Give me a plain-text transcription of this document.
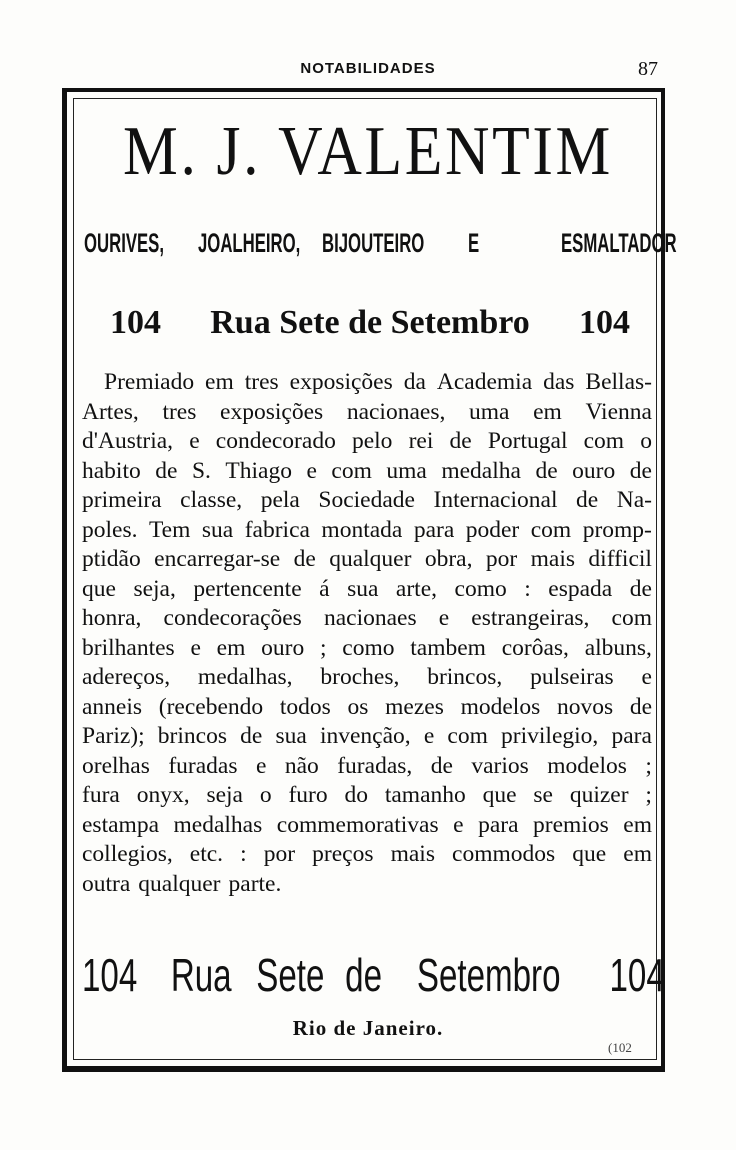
NOTABILIDADES	87
M. J. VALENTIM
OURIVES, JOALHEIRO, BIJOUTEIRO E	ESMALTADOR
104 Rua Sete de Setembro 104
Premiado em tres exposições da Academia das Bellas-
Artes, tres exposições nacionaes, uma em Vienna
d'Austria, e condecorado pelo rei de Portugal com o
habito de S. Thiago e com uma medalha de ouro de
primeira classe, pela Sociedade Internacional de Na-
poles. Tem sua fabrica montada para poder com promp-
ptidão encarregar-se de qualquer obra, por mais difficil
que seja, pertencente á sua arte, como : espada de
honra, condecorações nacionaes e estrangeiras, com
brilhantes e em ouro ; como tambem corôas, albuns,
adereços, medalhas, broches, brincos, pulseiras e
anneis (recebendo todos os mezes modelos novos de
Pariz); brincos de sua invenção, e com privilegio, para
orelhas furadas e não furadas, de varios modelos ;
fura onyx, seja o furo do tamanho que se quizer ;
estampa medalhas commemorativas e para premios em
collegios, etc. : por preços mais commodos que em
outra qualquer parte.
104 Rua Sete de Setembro 104
Rio de Janeiro.
(102
